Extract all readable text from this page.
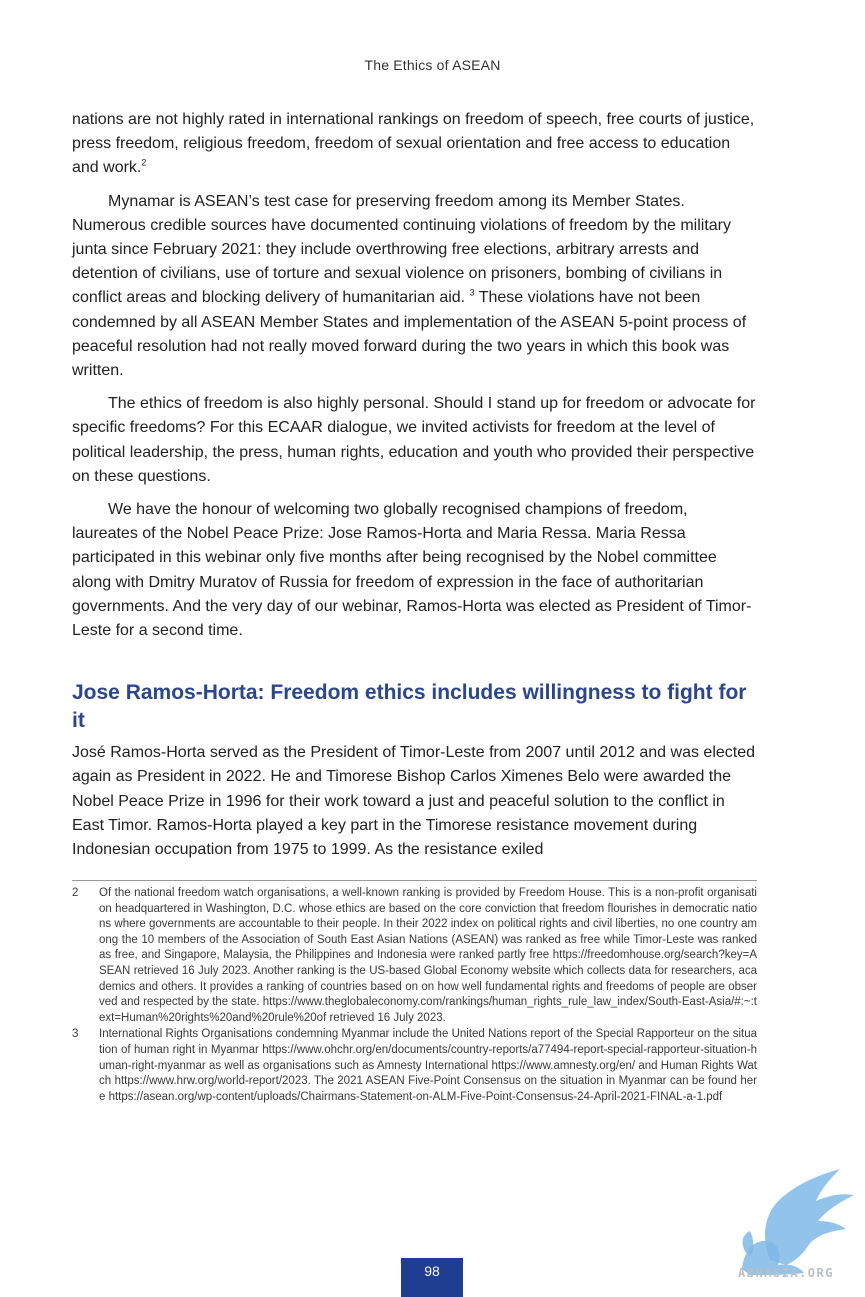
The Ethics of ASEAN

nations are not highly rated in international rankings on freedom of speech, free courts of justice, press freedom, religious freedom, freedom of sexual orientation and free access to education and work.$^2$

Mynamar is ASEAN’s test case for preserving freedom among its Member States. Numerous credible sources have documented continuing violations of freedom by the military junta since February 2021: they include overthrowing free elections, arbitrary arrests and detention of civilians, use of torture and sexual violence on prisoners, bombing of civilians in conflict areas and blocking delivery of humanitarian aid. $^3$ These violations have not been condemned by all ASEAN Member States and implementation of the ASEAN 5-point process of peaceful resolution had not really moved forward during the two years in which this book was written.

The ethics of freedom is also highly personal. Should I stand up for freedom or advocate for specific freedoms? For this ECAAR dialogue, we invited activists for freedom at the level of political leadership, the press, human rights, education and youth who provided their perspective on these questions.

We have the honour of welcoming two globally recognised champions of freedom, laureates of the Nobel Peace Prize: Jose Ramos-Horta and Maria Ressa. Maria Ressa participated in this webinar only five months after being recognised by the Nobel committee along with Dmitry Muratov of Russia for freedom of expression in the face of authoritarian governments. And the very day of our webinar, Ramos-Horta was elected as President of Timor-Leste for a second time.

Jose Ramos-Horta: Freedom ethics includes willingness to fight for it

José Ramos-Horta served as the President of Timor-Leste from 2007 until 2012 and was elected again as President in 2022. He and Timorese Bishop Carlos Ximenes Belo were awarded the Nobel Peace Prize in 1996 for their work toward a just and peaceful solution to the conflict in East Timor. Ramos-Horta played a key part in the Timorese resistance movement during Indonesian occupation from 1975 to 1999. As the resistance exiled

2	Of the national freedom watch organisations, a well-known ranking is provided by Freedom House. This is a non-profit organisation headquartered in Washington, D.C. whose ethics are based on the core conviction that freedom flourishes in democratic nations where governments are accountable to their people. In their 2022 index on political rights and civil liberties, no one country among the 10 members of the Association of South East Asian Nations (ASEAN) was ranked as free while Timor-Leste was ranked as free, and Singapore, Malaysia, the Philippines and Indonesia were ranked partly free https://freedomhouse.org/search?key=ASEAN retrieved 16 July 2023. Another ranking is the US-based Global Economy website which collects data for researchers, academics and others. It provides a ranking of countries based on on how well fundamental rights and freedoms of people are observed and respected by the state. https://www.theglobaleconomy.com/rankings/human_rights_rule_law_index/South-East-Asia/#:~:text=Human%20rights%20and%20rule%20of retrieved 16 July 2023.
3	International Rights Organisations condemning Myanmar include the United Nations report of the Special Rapporteur on the situation of human right in Myanmar https://www.ohchr.org/en/documents/country-reports/a77494-report-special-rapporteur-situation-human-right-myanmar as well as organisations such as Amnesty International https://www.amnesty.org/en/ and Human Rights Watch https://www.hrw.org/world-report/2023. The 2021 ASEAN Five-Point Consensus on the situation in Myanmar can be found here https://asean.org/wp-content/uploads/Chairmans-Statement-on-ALM-Five-Point-Consensus-24-April-2021-FINAL-a-1.pdf
ABNASIA.ORG
98
